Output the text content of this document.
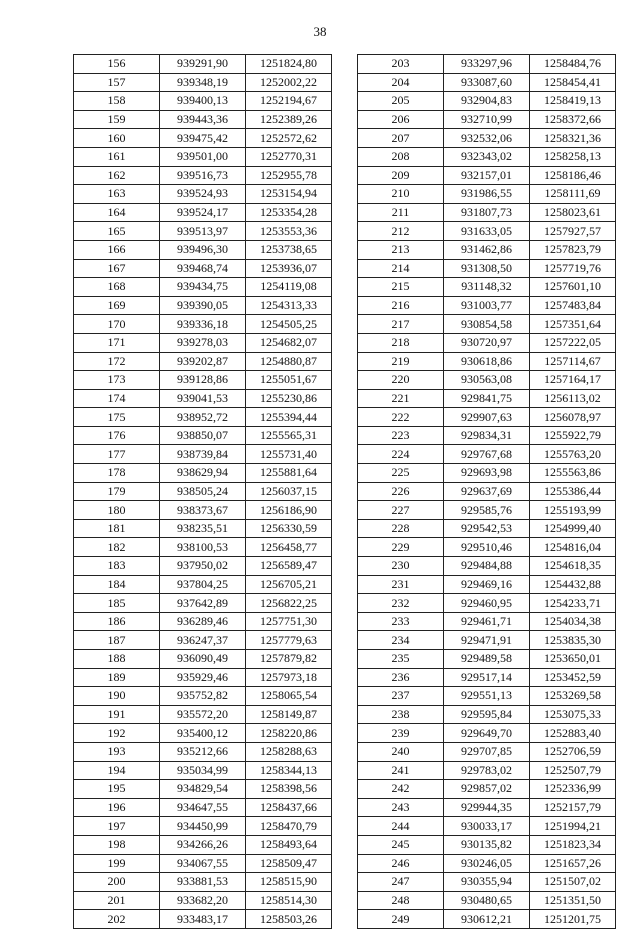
38
156	939291,90	1251824,80
157	939348,19	1252002,22
158	939400,13	1252194,67
159	939443,36	1252389,26
160	939475,42	1252572,62
161	939501,00	1252770,31
162	939516,73	1252955,78
163	939524,93	1253154,94
164	939524,17	1253354,28
165	939513,97	1253553,36
166	939496,30	1253738,65
167	939468,74	1253936,07
168	939434,75	1254119,08
169	939390,05	1254313,33
170	939336,18	1254505,25
171	939278,03	1254682,07
172	939202,87	1254880,87
173	939128,86	1255051,67
174	939041,53	1255230,86
175	938952,72	1255394,44
176	938850,07	1255565,31
177	938739,84	1255731,40
178	938629,94	1255881,64
179	938505,24	1256037,15
180	938373,67	1256186,90
181	938235,51	1256330,59
182	938100,53	1256458,77
183	937950,02	1256589,47
184	937804,25	1256705,21
185	937642,89	1256822,25
186	936289,46	1257751,30
187	936247,37	1257779,63
188	936090,49	1257879,82
189	935929,46	1257973,18
190	935752,82	1258065,54
191	935572,20	1258149,87
192	935400,12	1258220,86
193	935212,66	1258288,63
194	935034,99	1258344,13
195	934829,54	1258398,56
196	934647,55	1258437,66
197	934450,99	1258470,79
198	934266,26	1258493,64
199	934067,55	1258509,47
200	933881,53	1258515,90
201	933682,20	1258514,30
202	933483,17	1258503,26
203	933297,96	1258484,76
204	933087,60	1258454,41
205	932904,83	1258419,13
206	932710,99	1258372,66
207	932532,06	1258321,36
208	932343,02	1258258,13
209	932157,01	1258186,46
210	931986,55	1258111,69
211	931807,73	1258023,61
212	931633,05	1257927,57
213	931462,86	1257823,79
214	931308,50	1257719,76
215	931148,32	1257601,10
216	931003,77	1257483,84
217	930854,58	1257351,64
218	930720,97	1257222,05
219	930618,86	1257114,67
220	930563,08	1257164,17
221	929841,75	1256113,02
222	929907,63	1256078,97
223	929834,31	1255922,79
224	929767,68	1255763,20
225	929693,98	1255563,86
226	929637,69	1255386,44
227	929585,76	1255193,99
228	929542,53	1254999,40
229	929510,46	1254816,04
230	929484,88	1254618,35
231	929469,16	1254432,88
232	929460,95	1254233,71
233	929461,71	1254034,38
234	929471,91	1253835,30
235	929489,58	1253650,01
236	929517,14	1253452,59
237	929551,13	1253269,58
238	929595,84	1253075,33
239	929649,70	1252883,40
240	929707,85	1252706,59
241	929783,02	1252507,79
242	929857,02	1252336,99
243	929944,35	1252157,79
244	930033,17	1251994,21
245	930135,82	1251823,34
246	930246,05	1251657,26
247	930355,94	1251507,02
248	930480,65	1251351,50
249	930612,21	1251201,75
